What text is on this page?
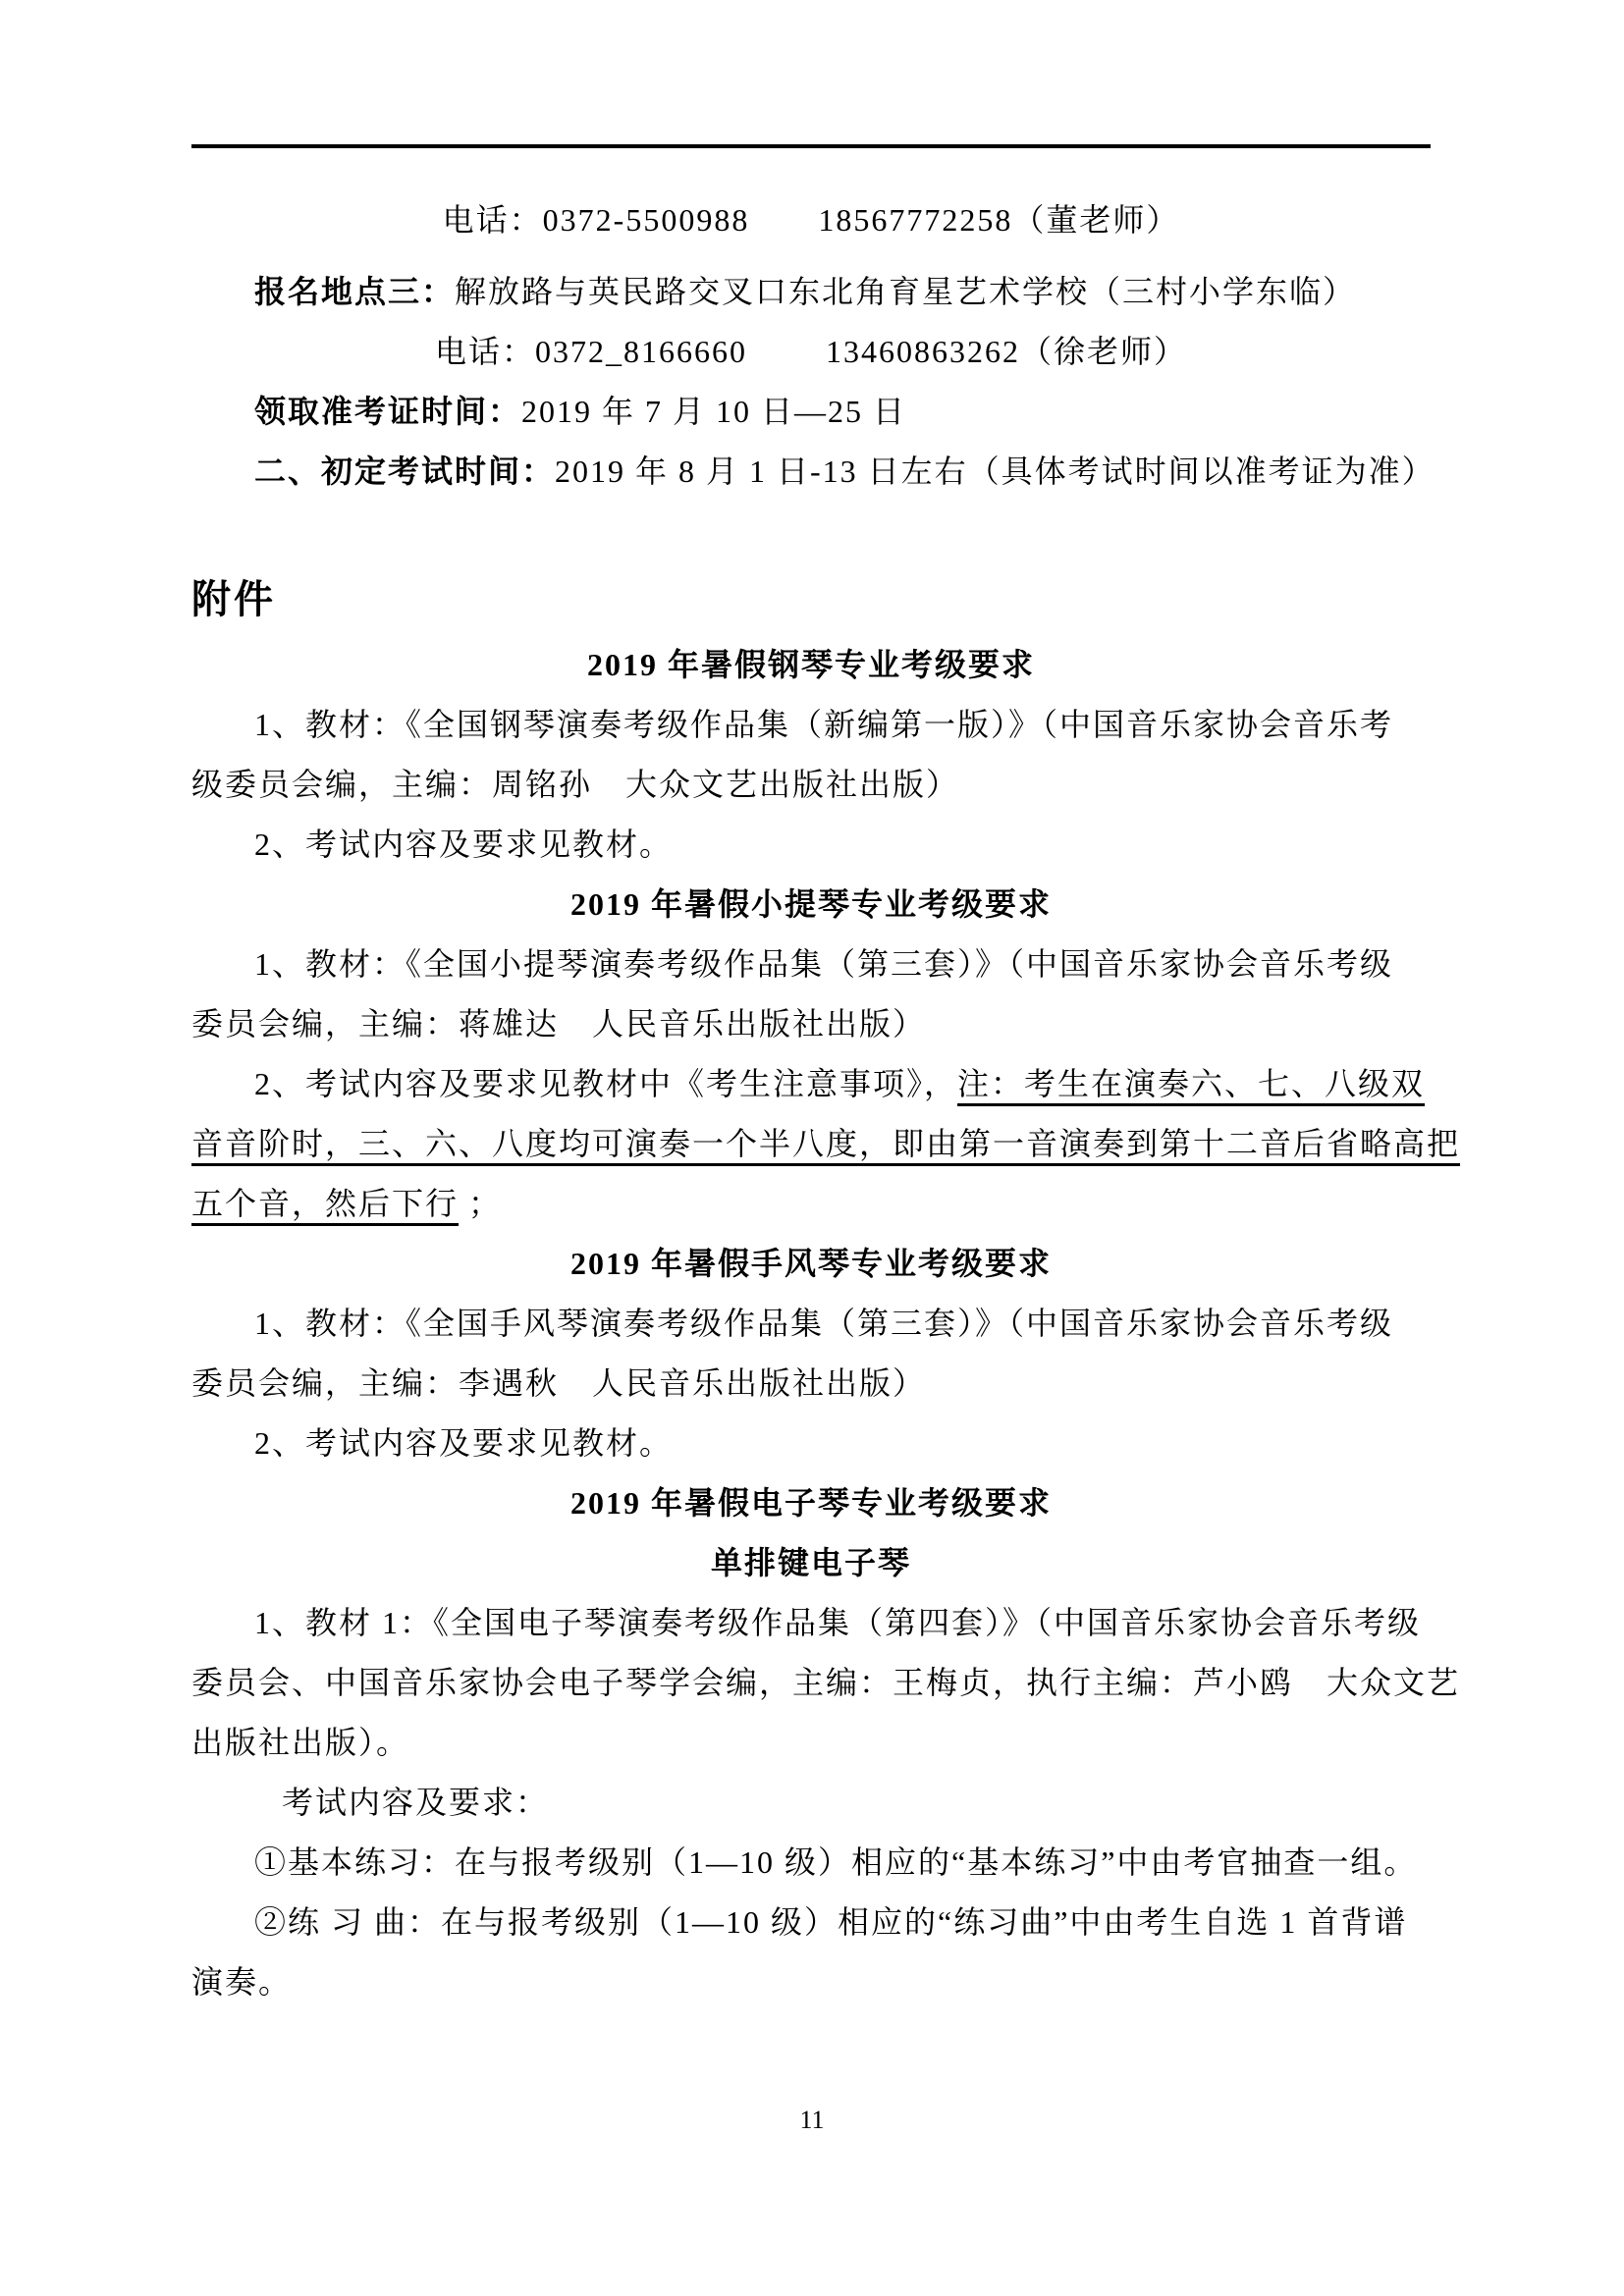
电话：0372-5500988       18567772258（董老师）
报名地点三：解放路与英民路交叉口东北角育星艺术学校（三村小学东临）
电话：0372_8166660        13460863262（徐老师）
领取准考证时间：2019 年 7 月 10 日—25 日
二、初定考试时间：2019 年 8 月 1 日-13 日左右（具体考试时间以准考证为准）
附件
2019 年暑假钢琴专业考级要求
1、教材：《全国钢琴演奏考级作品集（新编第一版）》（中国音乐家协会音乐考
级委员会编，主编：周铭孙　大众文艺出版社出版）
2、考试内容及要求见教材。
2019 年暑假小提琴专业考级要求
1、教材：《全国小提琴演奏考级作品集（第三套）》（中国音乐家协会音乐考级
委员会编，主编：蒋雄达　人民音乐出版社出版）
2、考试内容及要求见教材中《考生注意事项》，注：考生在演奏六、七、八级双
音音阶时，三、六、八度均可演奏一个半八度，即由第一音演奏到第十二音后省略高把
五个音，然后下行 ；
2019 年暑假手风琴专业考级要求
1、教材：《全国手风琴演奏考级作品集（第三套）》（中国音乐家协会音乐考级
委员会编，主编：李遇秋　人民音乐出版社出版）
2、考试内容及要求见教材。
2019 年暑假电子琴专业考级要求
单排键电子琴
1、教材 1：《全国电子琴演奏考级作品集（第四套）》（中国音乐家协会音乐考级
委员会、中国音乐家协会电子琴学会编，主编：王梅贞，执行主编：芦小鸥　大众文艺
出版社出版）。
考试内容及要求：
①基本练习：在与报考级别（1—10 级）相应的“基本练习”中由考官抽查一组。
②练 习 曲：在与报考级别（1—10 级）相应的“练习曲”中由考生自选 1 首背谱
演奏。
11
